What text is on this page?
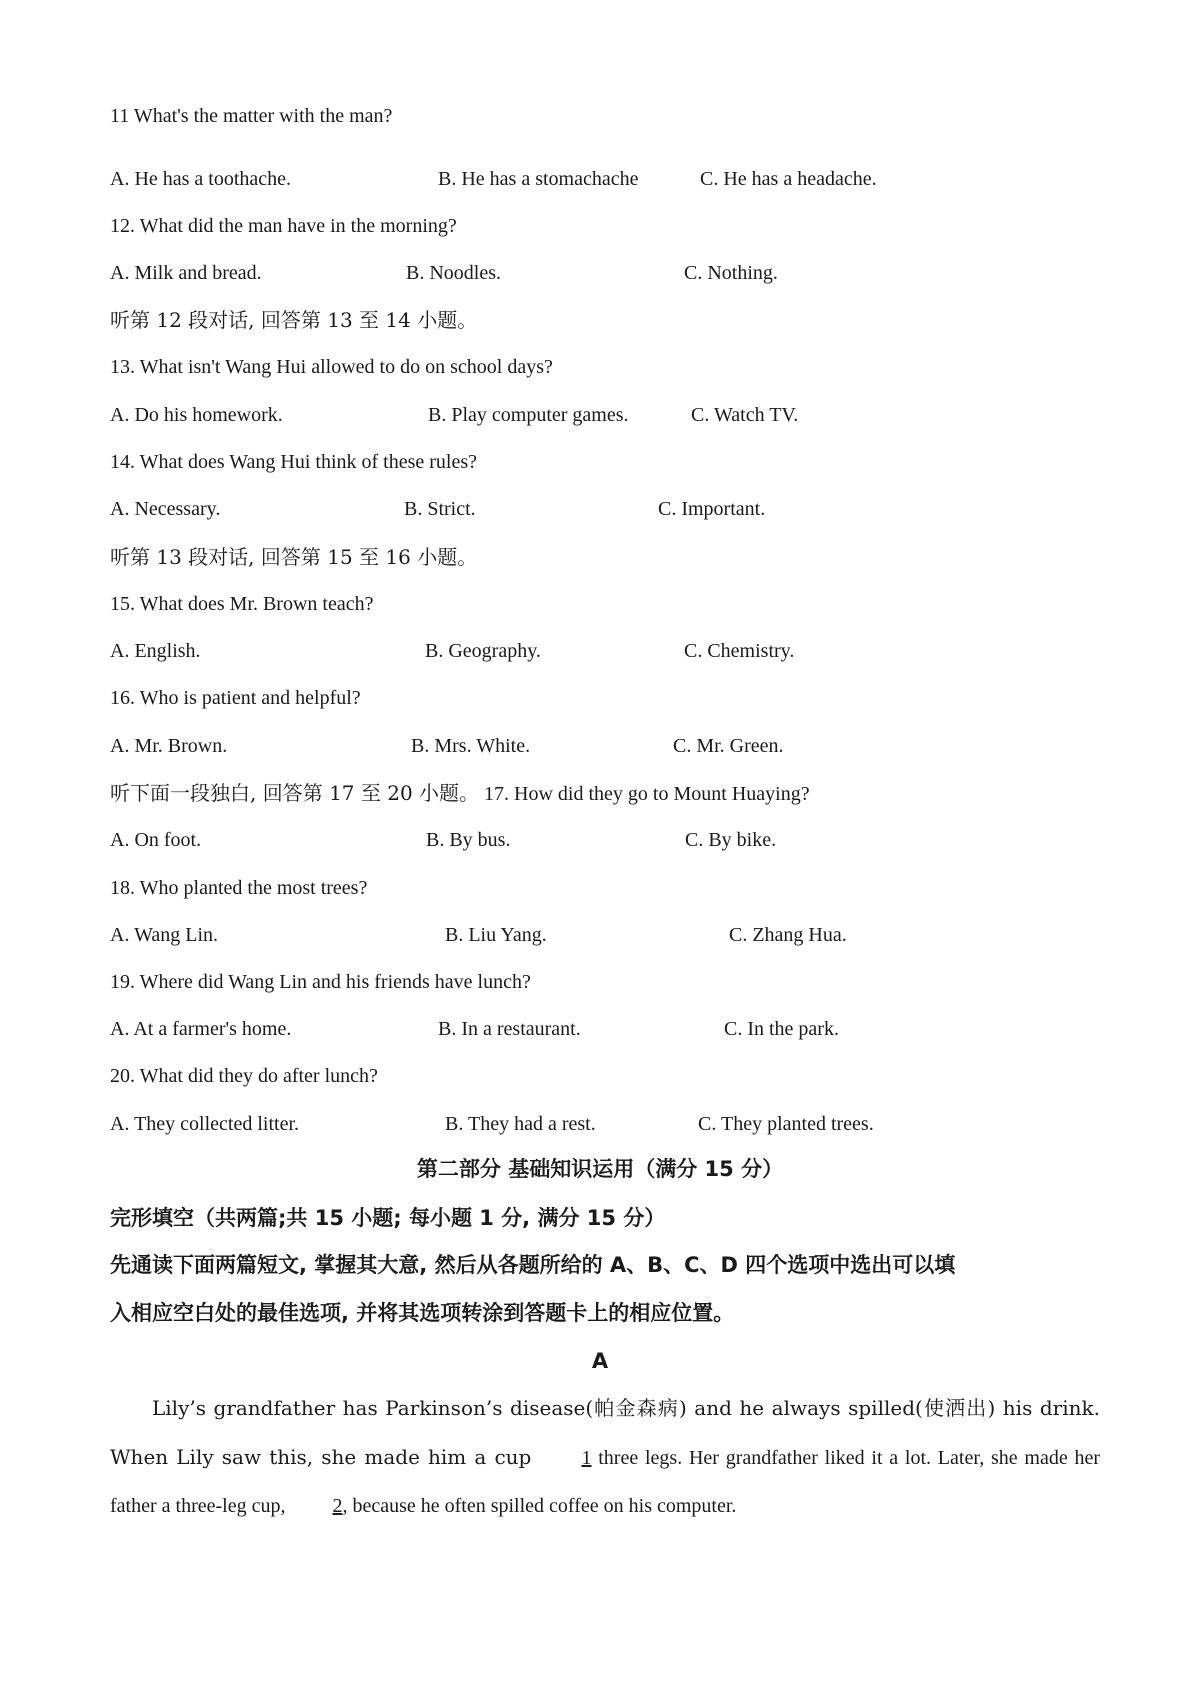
11 What's the matter with the man?
A. He has a toothache.	B. He has a stomachache	C. He has a headache.
12. What did the man have in the morning?
A. Milk and bread.	B. Noodles.	C. Nothing.
听第 12 段对话, 回答第 13 至 14 小题。
13. What isn't Wang Hui allowed to do on school days?
A. Do his homework.	B. Play computer games.	C. Watch TV.
14. What does Wang Hui think of these rules?
A. Necessary.	B. Strict.	C. Important.
听第 13 段对话, 回答第 15 至 16 小题。
15. What does Mr. Brown teach?
A. English.	B. Geography.	C. Chemistry.
16. Who is patient and helpful?
A. Mr. Brown.	B. Mrs. White.	C. Mr. Green.
听下面一段独白, 回答第 17 至 20 小题。 17. How did they go to Mount Huaying?
A. On foot.	B. By bus.	C. By bike.
18. Who planted the most trees?
A. Wang Lin.	B. Liu Yang.	C. Zhang Hua.
19. Where did Wang Lin and his friends have lunch?
A. At a farmer's home.	B. In a restaurant.	C. In the park.
20. What did they do after lunch?
A. They collected litter.	B. They had a rest.	C. They planted trees.
第二部分 基础知识运用（满分 15 分）
完形填空（共两篇;共 15 小题; 每小题 1 分, 满分 15 分）
先通读下面两篇短文, 掌握其大意, 然后从各题所给的 A、B、C、D 四个选项中选出可以填
入相应空白处的最佳选项, 并将其选项转涂到答题卡上的相应位置。
A

Lily’s grandfather has Parkinson’s disease(帕金森病) and he always spilled(使洒出) his drink. When Lily saw this, she made him a cup 1 three legs. Her grandfather liked it a lot. Later, she made her father a three-leg cup, 2, because he often spilled coffee on his computer.
